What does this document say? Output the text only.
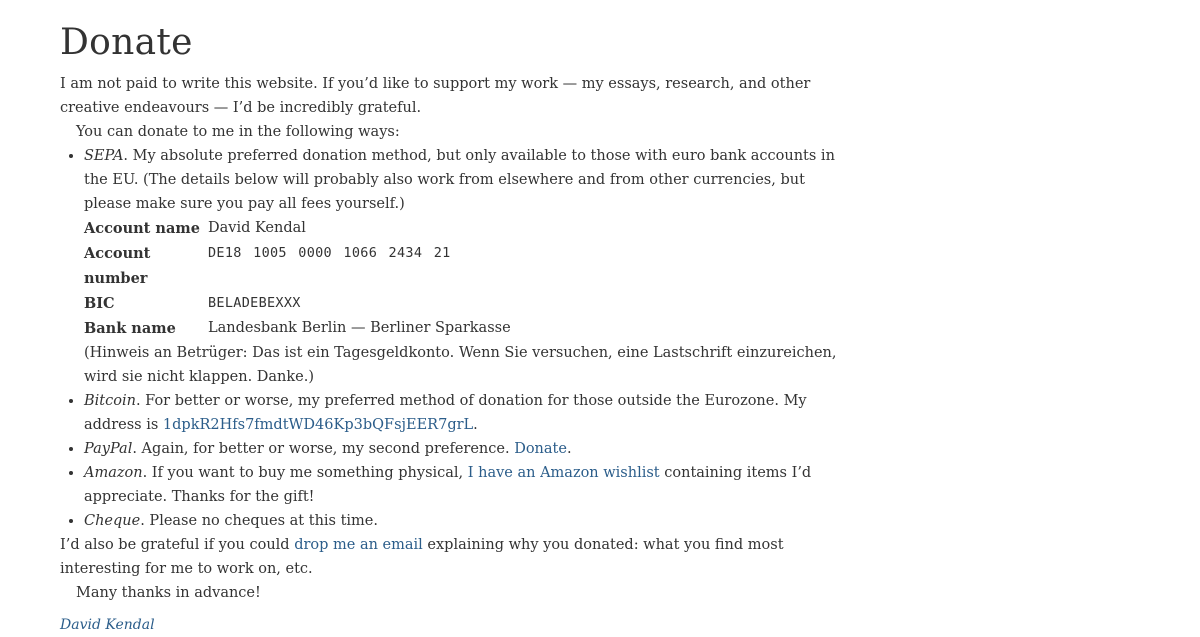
Donate

I am not paid to write this website. If you’d like to support my work — my essays, research, and other creative endeavours — I’d be incredibly grateful.

You can donate to me in the following ways:

• SEPA. My absolute preferred donation method, but only available to those with euro bank accounts in the EU. (The details below will probably also work from elsewhere and from other currencies, but please make sure you pay all fees yourself.)
Account name	David Kendal
Account number	DE18 1005 0000 1066 2434 21
BIC	BELADEBEXXX
Bank name	Landesbank Berlin — Berliner Sparkasse
(Hinweis an Betrüger: Das ist ein Tagesgeldkonto. Wenn Sie versuchen, eine Lastschrift einzureichen, wird sie nicht klappen. Danke.)
• Bitcoin. For better or worse, my preferred method of donation for those outside the Eurozone. My address is 1dpkR2Hfs7fmdtWD46Kp3bQFsjEER7grL.
• PayPal. Again, for better or worse, my second preference. Donate.
• Amazon. If you want to buy me something physical, I have an Amazon wishlist containing items I’d appreciate. Thanks for the gift!
• Cheque. Please no cheques at this time.

I’d also be grateful if you could drop me an email explaining why you donated: what you find most interesting for me to work on, etc.

Many thanks in advance!

David Kendal
